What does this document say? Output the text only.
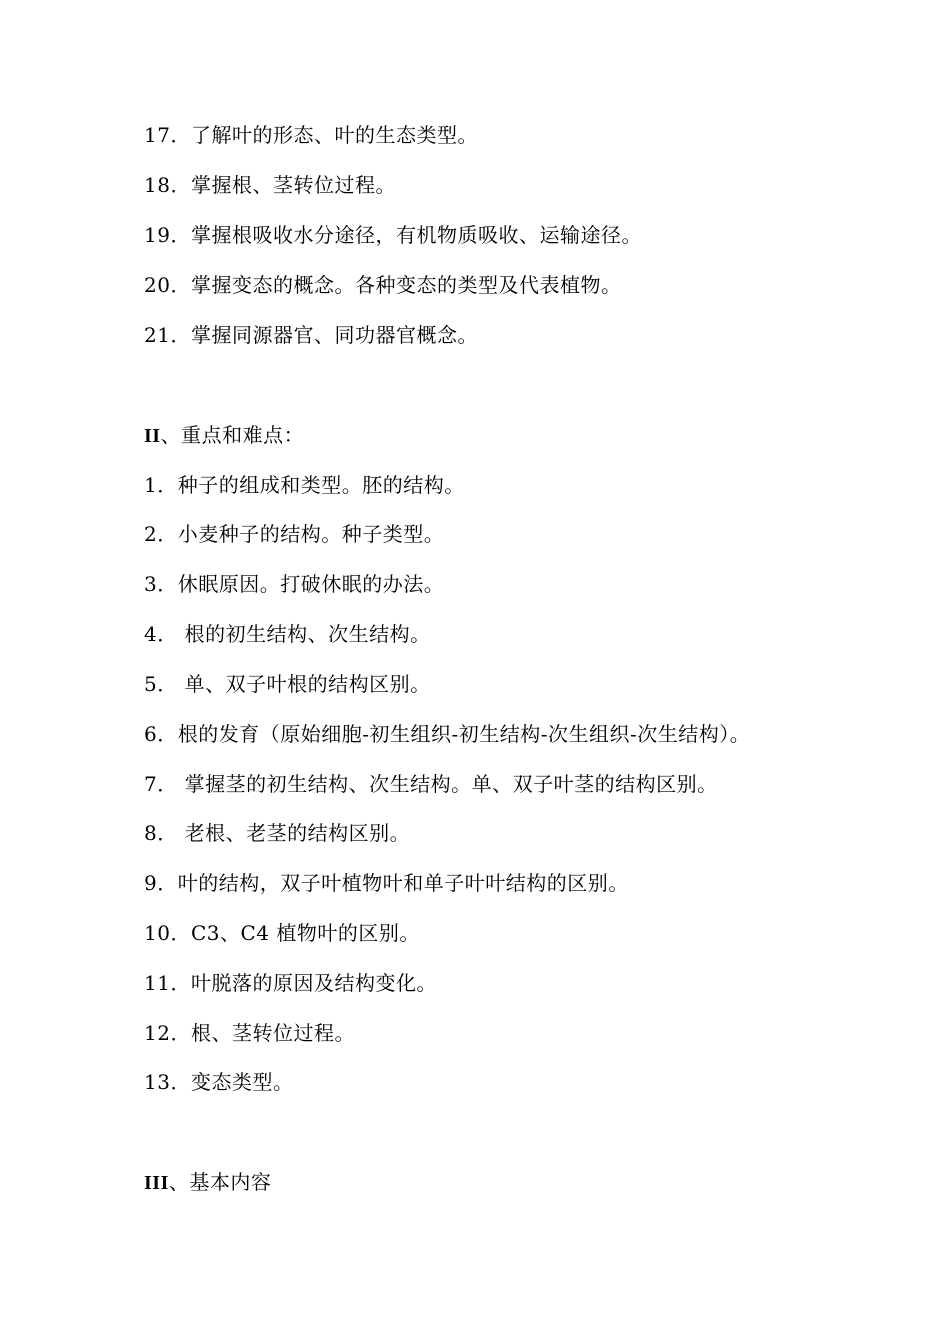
17．了解叶的形态、叶的生态类型。
18．掌握根、茎转位过程。
19．掌握根吸收水分途径，有机物质吸收、运输途径。
20．掌握变态的概念。各种变态的类型及代表植物。
21．掌握同源器官、同功器官概念。
II、重点和难点：
1．种子的组成和类型。胚的结构。
2．小麦种子的结构。种子类型。
3．休眠原因。打破休眠的办法。
4． 根的初生结构、次生结构。
5． 单、双子叶根的结构区别。
6．根的发育（原始细胞-初生组织-初生结构-次生组织-次生结构）。
7． 掌握茎的初生结构、次生结构。单、双子叶茎的结构区别。
8． 老根、老茎的结构区别。
9．叶的结构，双子叶植物叶和单子叶叶结构的区别。
10．C3、C4 植物叶的区别。
11．叶脱落的原因及结构变化。
12．根、茎转位过程。
13．变态类型。
III、基本内容
